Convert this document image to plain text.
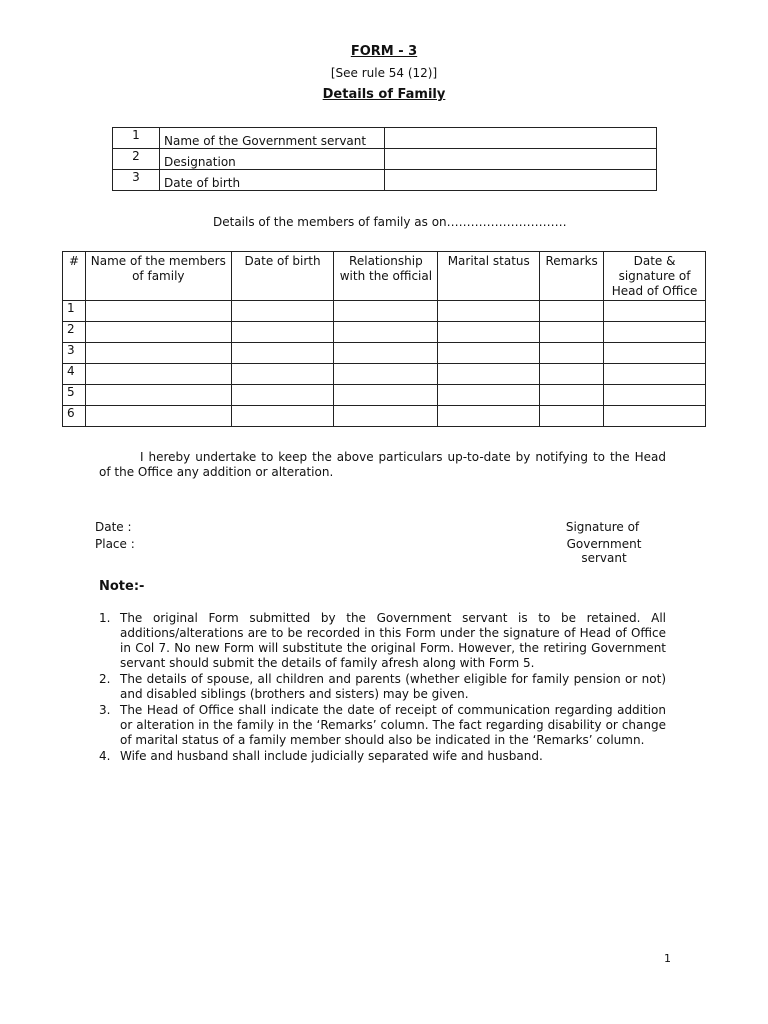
FORM - 3
[See rule 54 (12)]
Details of Family
1	Name of the Government servant	
2	Designation	
3	Date of birth	
Details of the members of family as on…………………………
#	Name of the members of family	Date of birth	Relationship with the official	Marital status	Remarks	Date & signature of Head of Office
1						
2						
3						
4						
5						
6						
I hereby undertake to keep the above particulars up-to-date by notifying to the Head of the Office any addition or alteration.
Date :
Place :
Signature of
Government servant
Note:-
1. The original Form submitted by the Government servant is to be retained. All additions/alterations are to be recorded in this Form under the signature of Head of Office in Col 7. No new Form will substitute the original Form. However, the retiring Government servant should submit the details of family afresh along with Form 5.
2. The details of spouse, all children and parents (whether eligible for family pension or not) and disabled siblings (brothers and sisters) may be given.
3. The Head of Office shall indicate the date of receipt of communication regarding addition or alteration in the family in the ‘Remarks’ column. The fact regarding disability or change of marital status of a family member should also be indicated in the ‘Remarks’ column.
4. Wife and husband shall include judicially separated wife and husband.
1
